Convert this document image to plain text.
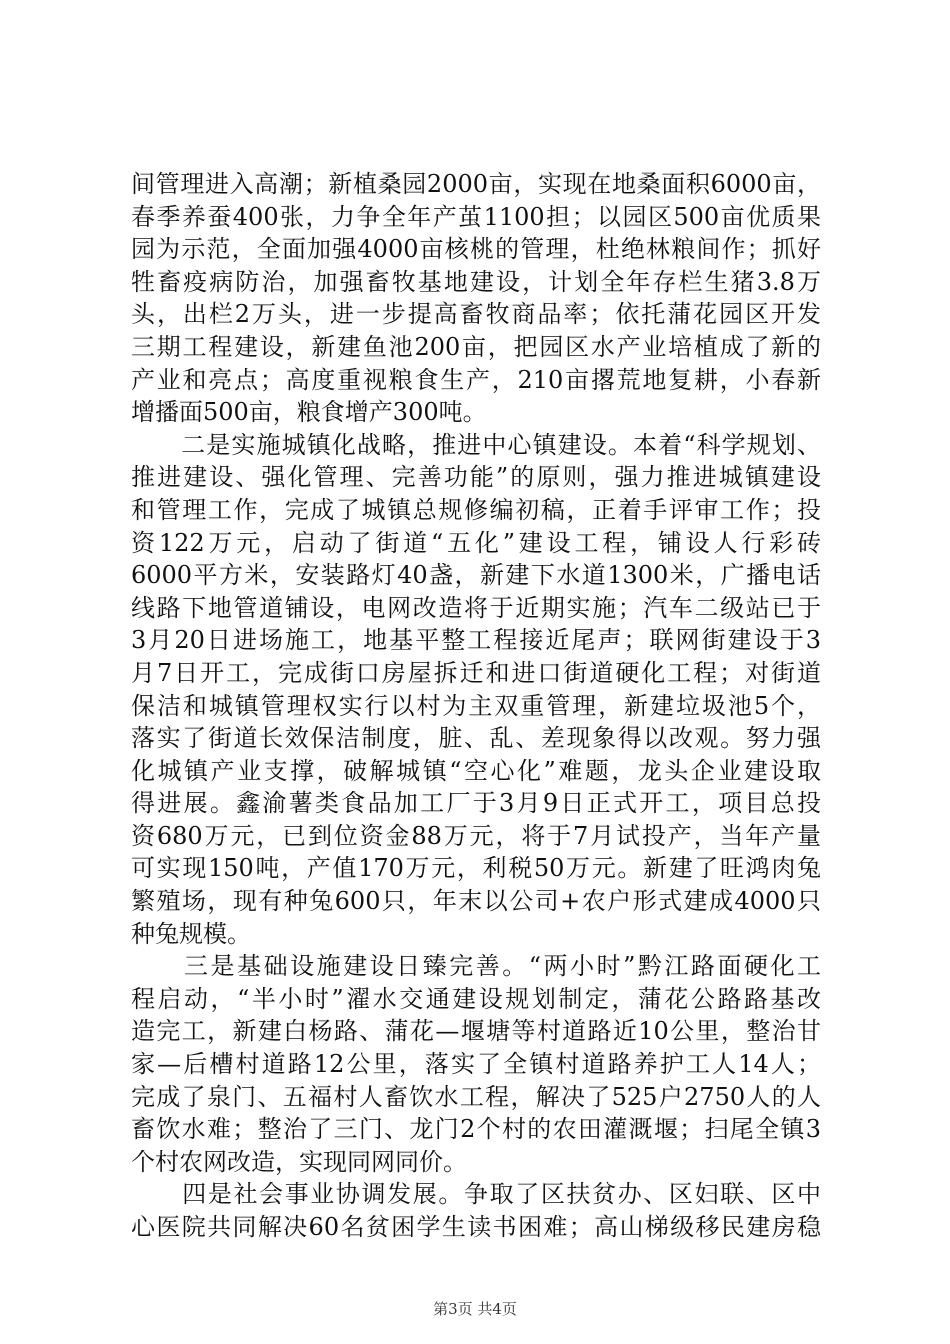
间管理进入高潮；新植桑园2000亩，实现在地桑面积6000亩，
春季养蚕400张，力争全年产茧1100担；以园区500亩优质果
园为示范，全面加强4000亩核桃的管理，杜绝林粮间作；抓好
牲畜疫病防治，加强畜牧基地建设，计划全年存栏生猪3.8万
头，出栏2万头，进一步提高畜牧商品率；依托蒲花园区开发
三期工程建设，新建鱼池200亩，把园区水产业培植成了新的
产业和亮点；高度重视粮食生产，210亩撂荒地复耕，小春新
增播面500亩，粮食增产300吨。
　　二是实施城镇化战略，推进中心镇建设。本着“科学规划、
推进建设、强化管理、完善功能”的原则，强力推进城镇建设
和管理工作，完成了城镇总规修编初稿，正着手评审工作；投
资122万元，启动了街道“五化”建设工程，铺设人行彩砖
6000平方米，安装路灯40盏，新建下水道1300米，广播电话
线路下地管道铺设，电网改造将于近期实施；汽车二级站已于
3月20日进场施工，地基平整工程接近尾声；联网街建设于3
月7日开工，完成街口房屋拆迁和进口街道硬化工程；对街道
保洁和城镇管理权实行以村为主双重管理，新建垃圾池5个，
落实了街道长效保洁制度，脏、乱、差现象得以改观。努力强
化城镇产业支撑，破解城镇“空心化”难题，龙头企业建设取
得进展。鑫渝薯类食品加工厂于3月9日正式开工，项目总投
资680万元，已到位资金88万元，将于7月试投产，当年产量
可实现150吨，产值170万元，利税50万元。新建了旺鸿肉兔
繁殖场，现有种兔600只，年末以公司+农户形式建成4000只
种兔规模。
　　三是基础设施建设日臻完善。“两小时”黔江路面硬化工
程启动，“半小时”濯水交通建设规划制定，蒲花公路路基改
造完工，新建白杨路、蒲花—堰塘等村道路近10公里，整治甘
家—后槽村道路12公里，落实了全镇村道路养护工人14人；
完成了泉门、五福村人畜饮水工程，解决了525户2750人的人
畜饮水难；整治了三门、龙门2个村的农田灌溉堰；扫尾全镇3
个村农网改造，实现同网同价。
　　四是社会事业协调发展。争取了区扶贫办、区妇联、区中
心医院共同解决60名贫困学生读书困难；高山梯级移民建房稳
第3页 共4页
